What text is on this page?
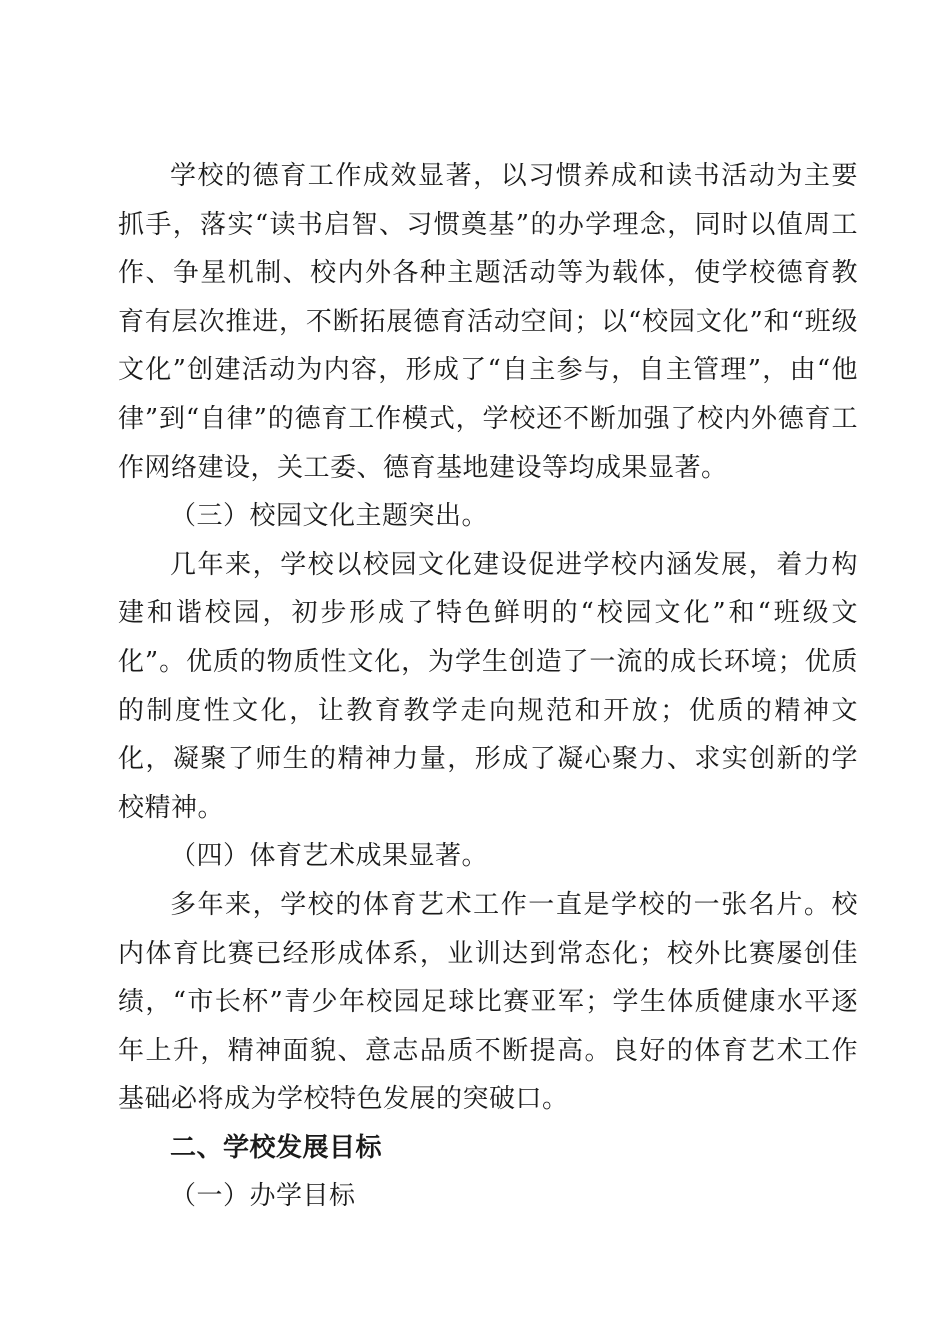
学校的德育工作成效显著，以习惯养成和读书活动为主要抓手，落实“读书启智、习惯奠基”的办学理念，同时以值周工作、争星机制、校内外各种主题活动等为载体，使学校德育教育有层次推进，不断拓展德育活动空间；以“校园文化”和“班级文化”创建活动为内容，形成了“自主参与，自主管理”，由“他律”到“自律”的德育工作模式，学校还不断加强了校内外德育工作网络建设，关工委、德育基地建设等均成果显著。

（三）校园文化主题突出。

几年来，学校以校园文化建设促进学校内涵发展，着力构建和谐校园，初步形成了特色鲜明的“校园文化”和“班级文化”。优质的物质性文化，为学生创造了一流的成长环境；优质的制度性文化，让教育教学走向规范和开放；优质的精神文化，凝聚了师生的精神力量，形成了凝心聚力、求实创新的学校精神。

（四）体育艺术成果显著。

多年来，学校的体育艺术工作一直是学校的一张名片。校内体育比赛已经形成体系，业训达到常态化；校外比赛屡创佳绩，“市长杯”青少年校园足球比赛亚军；学生体质健康水平逐年上升，精神面貌、意志品质不断提高。良好的体育艺术工作基础必将成为学校特色发展的突破口。

二、学校发展目标

（一）办学目标
